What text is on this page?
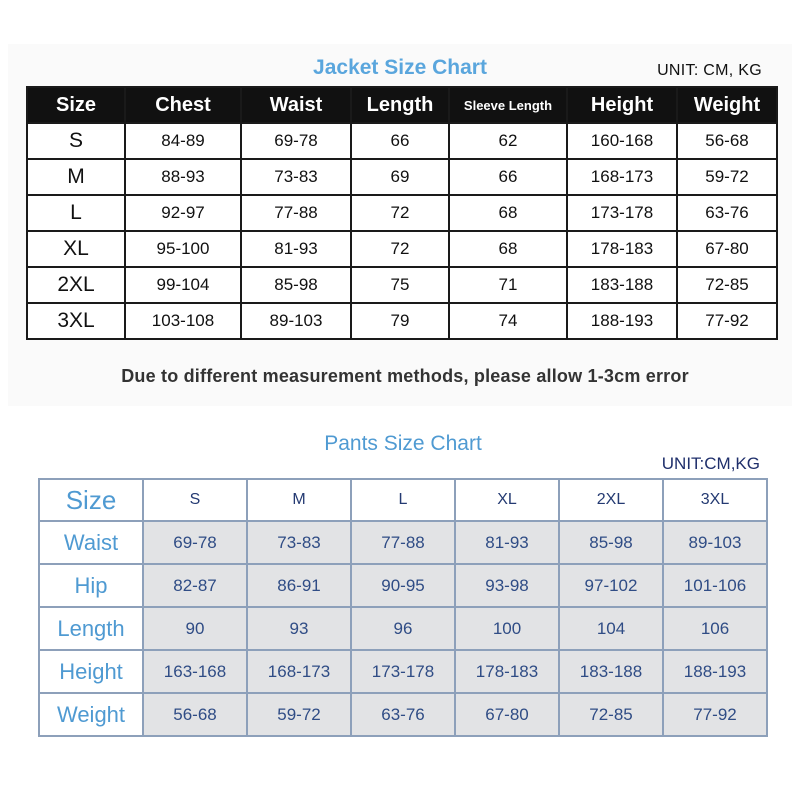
Jacket Size Chart	UNIT: CM, KG
Size	Chest	Waist	Length	Sleeve Length	Height	Weight
S	84-89	69-78	66	62	160-168	56-68
M	88-93	73-83	69	66	168-173	59-72
L	92-97	77-88	72	68	173-178	63-76
XL	95-100	81-93	72	68	178-183	67-80
2XL	99-104	85-98	75	71	183-188	72-85
3XL	103-108	89-103	79	74	188-193	77-92
Due to different measurement methods, please allow 1-3cm error
Pants Size Chart
UNIT:CM,KG
Size	S	M	L	XL	2XL	3XL
Waist	69-78	73-83	77-88	81-93	85-98	89-103
Hip	82-87	86-91	90-95	93-98	97-102	101-106
Length	90	93	96	100	104	106
Height	163-168	168-173	173-178	178-183	183-188	188-193
Weight	56-68	59-72	63-76	67-80	72-85	77-92
